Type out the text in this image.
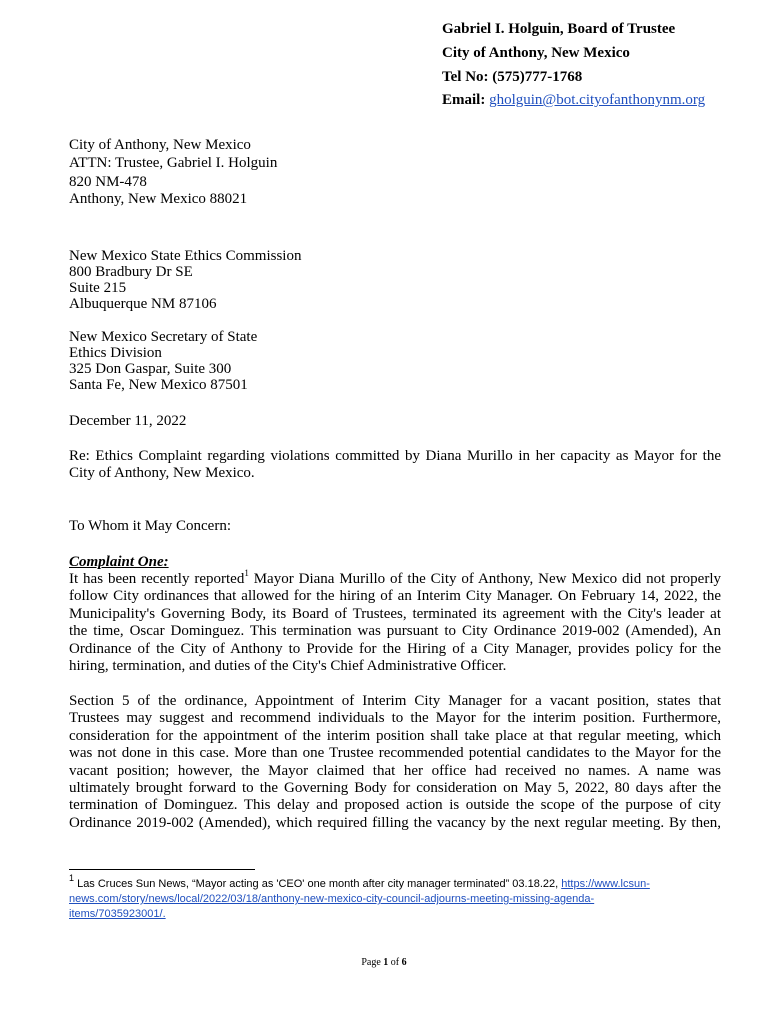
Gabriel I. Holguin, Board of Trustee
City of Anthony, New Mexico
Tel No: (575)777-1768
Email: gholguin@bot.cityofanthonynm.org
City of Anthony, New Mexico
ATTN: Trustee, Gabriel I. Holguin
820 NM-478
Anthony, New Mexico 88021
New Mexico State Ethics Commission
800 Bradbury Dr SE
Suite 215
Albuquerque NM 87106
New Mexico Secretary of State
Ethics Division
325 Don Gaspar, Suite 300
Santa Fe, New Mexico 87501
December 11, 2022
Re: Ethics Complaint regarding violations committed by Diana Murillo in her capacity as Mayor for the
City of Anthony, New Mexico.
To Whom it May Concern:
Complaint One:
It has been recently reported$^1$ Mayor Diana Murillo of the City of Anthony, New Mexico did not properly
follow City ordinances that allowed for the hiring of an Interim City Manager. On February 14, 2022, the
Municipality's Governing Body, its Board of Trustees, terminated its agreement with the City's leader at
the time, Oscar Dominguez. This termination was pursuant to City Ordinance 2019-002 (Amended), An
Ordinance of the City of Anthony to Provide for the Hiring of a City Manager, provides policy for the
hiring, termination, and duties of the City's Chief Administrative Officer.
Section 5 of the ordinance, Appointment of Interim City Manager for a vacant position, states that
Trustees may suggest and recommend individuals to the Mayor for the interim position. Furthermore,
consideration for the appointment of the interim position shall take place at that regular meeting, which
was not done in this case. More than one Trustee recommended potential candidates to the Mayor for the
vacant position; however, the Mayor claimed that her office had received no names. A name was
ultimately brought forward to the Governing Body for consideration on May 5, 2022, 80 days after the
termination of Dominguez. This delay and proposed action is outside the scope of the purpose of city
Ordinance 2019-002 (Amended), which required filling the vacancy by the next regular meeting. By then,
$^1$ Las Cruces Sun News, “Mayor acting as 'CEO' one month after city manager terminated” 03.18.22, https://www.lcsun-
news.com/story/news/local/2022/03/18/anthony-new-mexico-city-council-adjourns-meeting-missing-agenda-
items/7035923001/.
Page 1 of 6
